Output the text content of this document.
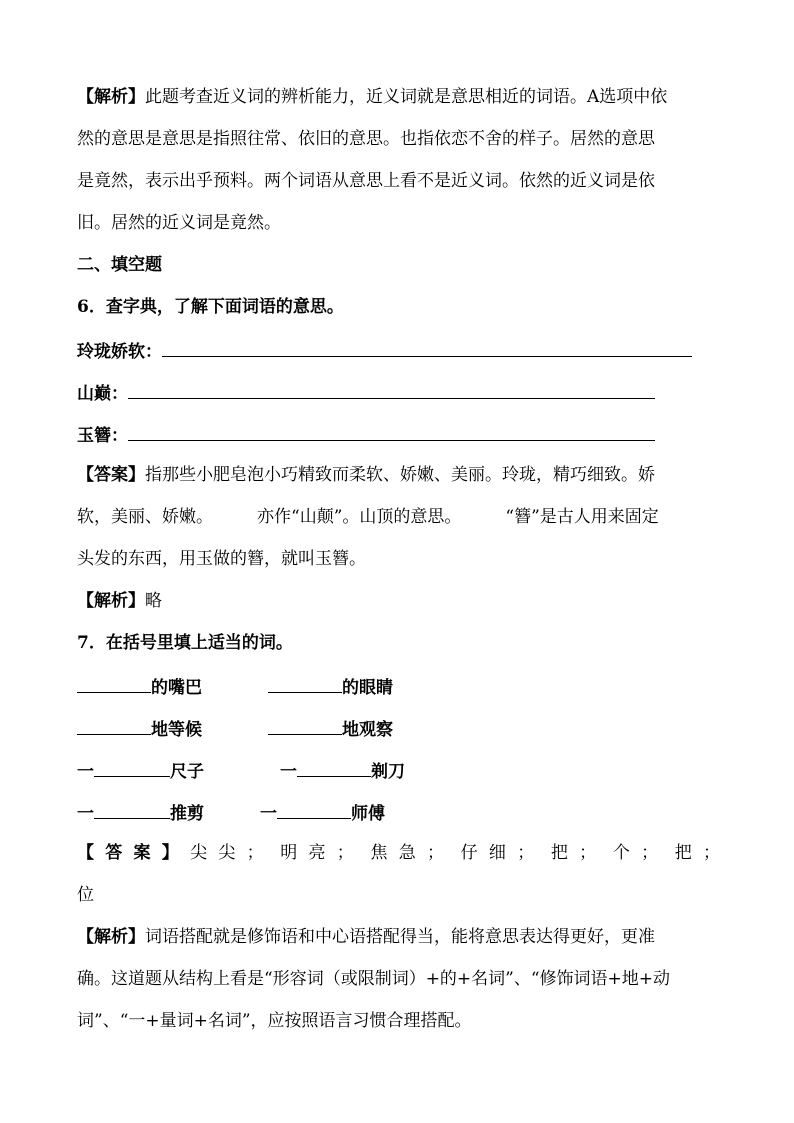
【解析】此题考查近义词的辨析能力，近义词就是意思相近的词语。A选项中依
然的意思是意思是指照往常、依旧的意思。也指依恋不舍的样子。居然的意思
是竟然，表示出乎预料。两个词语从意思上看不是近义词。依然的近义词是依
旧。居然的近义词是竟然。
二、填空题
6．查字典，了解下面词语的意思。
玲珑娇软：
山巅：
玉簪：
【答案】指那些小肥皂泡小巧精致而柔软、娇嫩、美丽。玲珑，精巧细致。娇
软，美丽、娇嫩。	亦作“山颠”。山顶的意思。	“簪”是古人用来固定
头发的东西，用玉做的簪，就叫玉簪。
【解析】略
7．在括号里填上适当的词。
的嘴巴	的眼睛
地等候	地观察
一	尺子	一	剃刀
一	推剪	一	师傅
【答案】尖尖； 明亮； 焦急； 仔细； 把； 个； 把；
位
【解析】词语搭配就是修饰语和中心语搭配得当，能将意思表达得更好，更准
确。这道题从结构上看是“形容词（或限制词）+的+名词”、“修饰词语+地+动
词”、“一+量词+名词”，应按照语言习惯合理搭配。
